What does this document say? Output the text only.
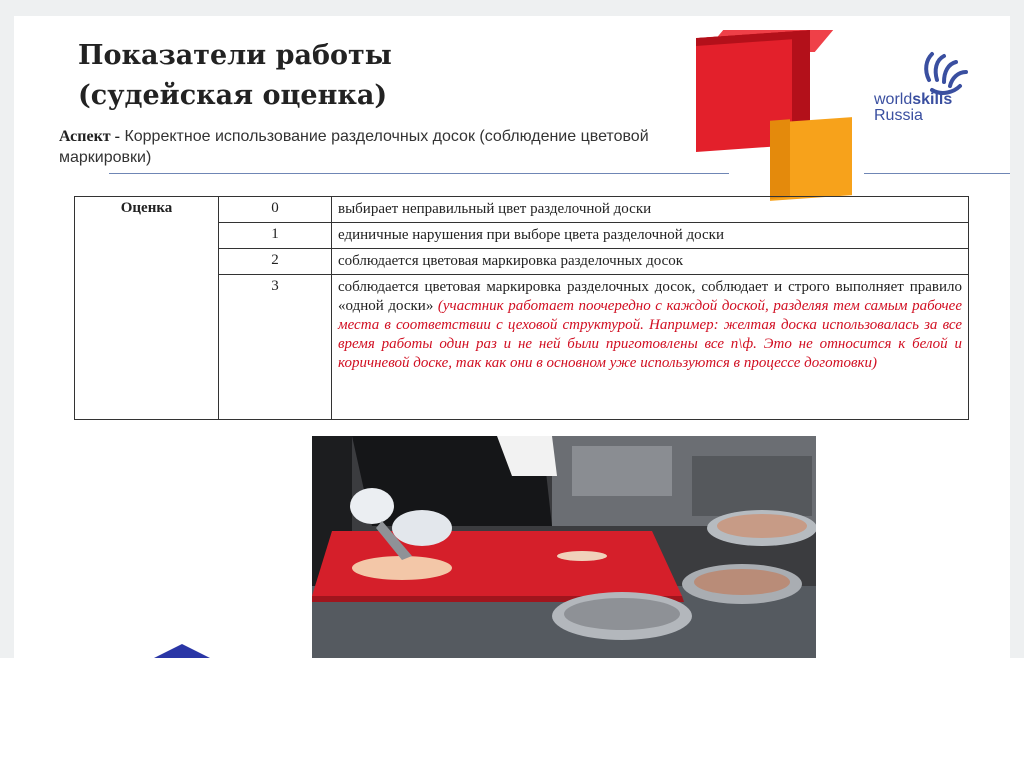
Показатели работы
(судейская оценка)
Аспект - Корректное использование разделочных досок (соблюдение цветовой маркировки)
worldskills
Russia
Оценка	0	выбирает неправильный цвет разделочной доски
	1	единичные нарушения при выборе цвета разделочной доски
	2	соблюдается цветовая маркировка разделочных досок
	3	соблюдается цветовая маркировка разделочных досок, соблюдает и строго выполняет правило «одной доски» (участник работает поочередно с каждой доской, разделяя тем самым рабочее места в соответствии с цеховой структурой. Например: желтая доска использовалась за все время работы один раз и не ней были приготовлены все п\ф. Это не относится к белой и коричневой доске, так как они в основном уже используются в процессе доготовки)
